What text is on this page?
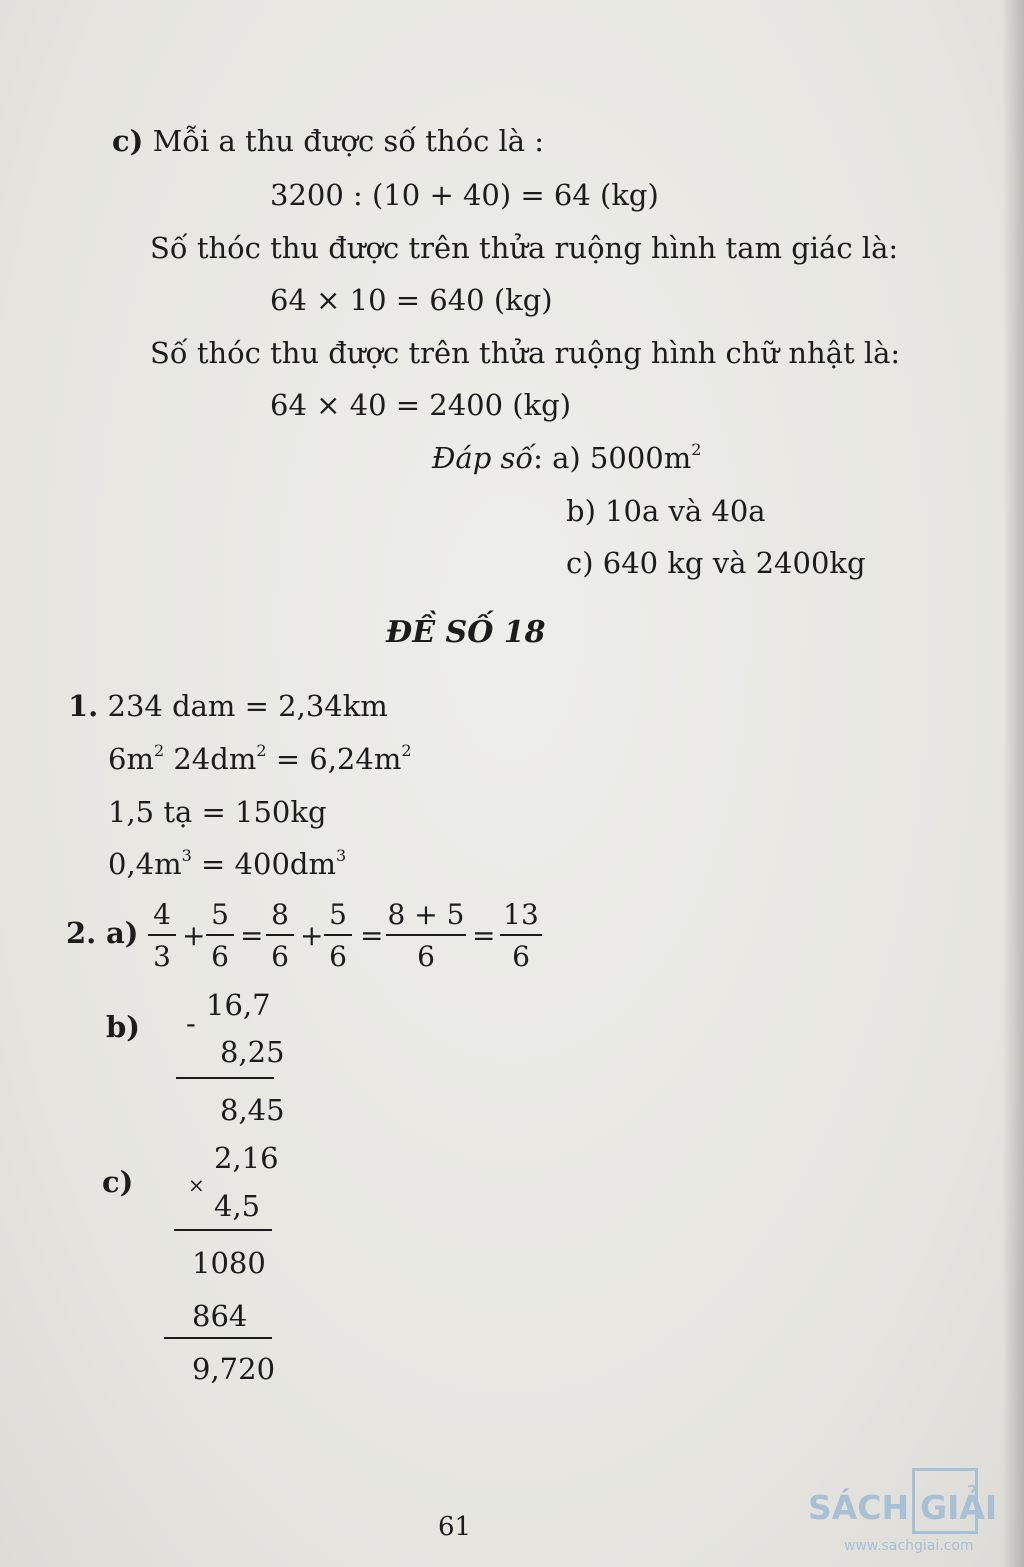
c) Mỗi a thu được số thóc là :
3200 : (10 + 40) = 64 (kg)
Số thóc thu được trên thửa ruộng hình tam giác là:
64 × 10 = 640 (kg)
Số thóc thu được trên thửa ruộng hình chữ nhật là:
64 × 40 = 2400 (kg)
Đáp số: a) $5000m^2$
b) 10a và 40a
c) 640 kg và 2400kg
ĐỀ SỐ 18
1. 234 dam = 2,34km
$6m^2$ $24dm^2 = 6,24m^2$
1,5 tạ = 150kg
$0,4m^3 = 400dm^3$
2. a)
4
3
+
5
6
=
8
6
+
5
6
=
8 + 5
6
=
13
6
b)
16,7
-
8,25
8,45
c)
2,16
×
4,5
1080
864
9,720
61	SÁCH GIẢI
www.sachgiai.com
